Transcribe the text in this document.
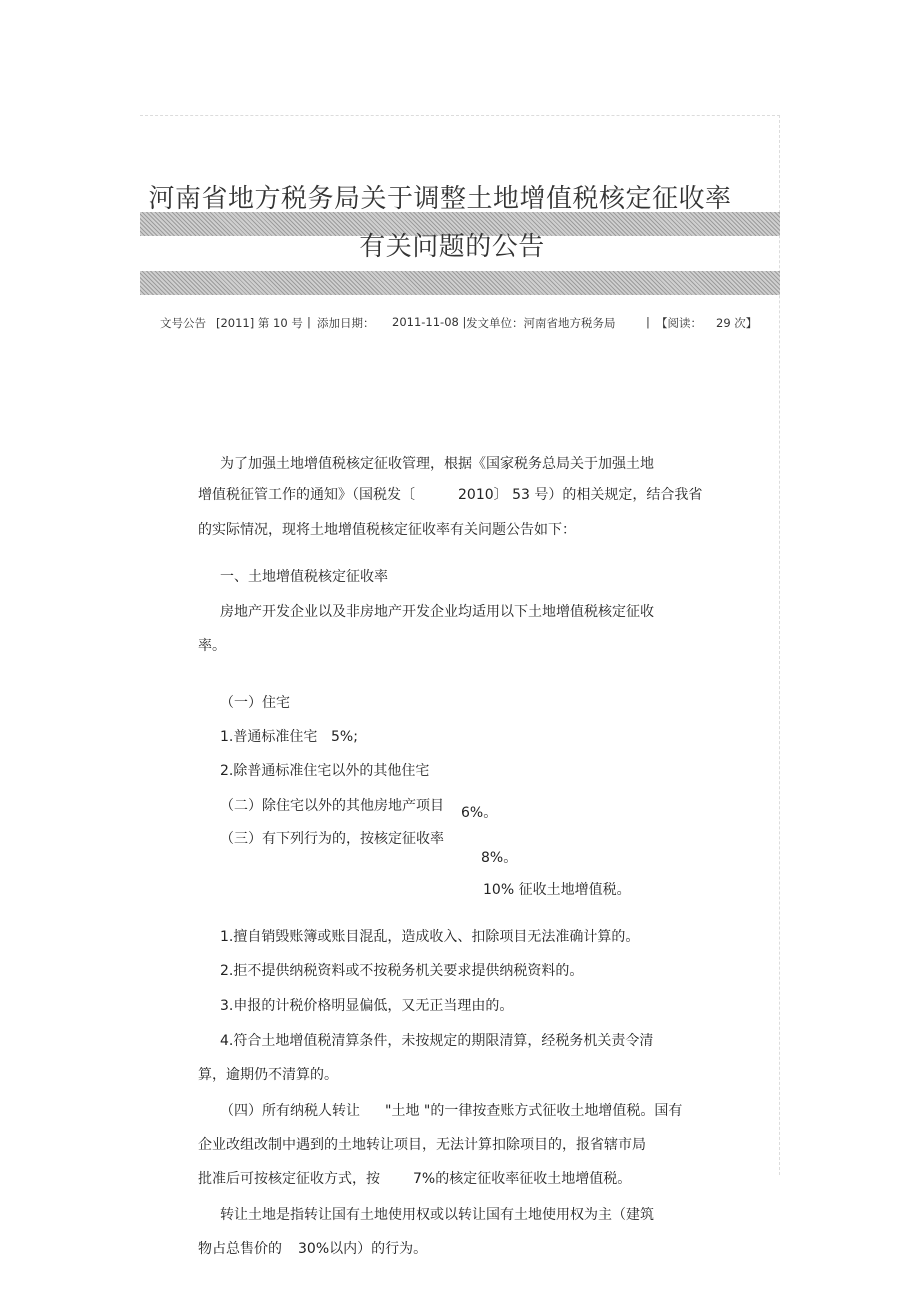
河南省地方税务局关于调整土地增值税核定征收率
有关问题的公告
文号公告 [2011] 第 10 号 | 添加日期： 2011-11-08 | 发文单位：河南省地方税务局	| 【阅读： 29 次】
为了加强土地增值税核定征收管理，根据《国家税务总局关于加强土地
增值税征管工作的通知》（国税发〔	2010〕 53 号）的相关规定，结合我省
的实际情况，现将土地增值税核定征收率有关问题公告如下：
一、土地增值税核定征收率
房地产开发企业以及非房地产开发企业均适用以下土地增值税核定征收
率。
（一）住宅
1.普通标准住宅 5%;
2.除普通标准住宅以外的其他住宅
（二）除住宅以外的其他房地产项目 6%。
（三）有下列行为的，按核定征收率
8%。
10% 征收土地增值税。
1.擅自销毁账簿或账目混乱，造成收入、扣除项目无法准确计算的。
2.拒不提供纳税资料或不按税务机关要求提供纳税资料的。
3.申报的计税价格明显偏低，又无正当理由的。
4.符合土地增值税清算条件，未按规定的期限清算，经税务机关责令清
算，逾期仍不清算的。
（四）所有纳税人转让 "土地 "的一律按查账方式征收土地增值税。国有
企业改组改制中遇到的土地转让项目，无法计算扣除项目的，报省辖市局
批准后可按核定征收方式，按 7%的核定征收率征收土地增值税。
转让土地是指转让国有土地使用权或以转让国有土地使用权为主（建筑
物占总售价的 30%以内）的行为。
